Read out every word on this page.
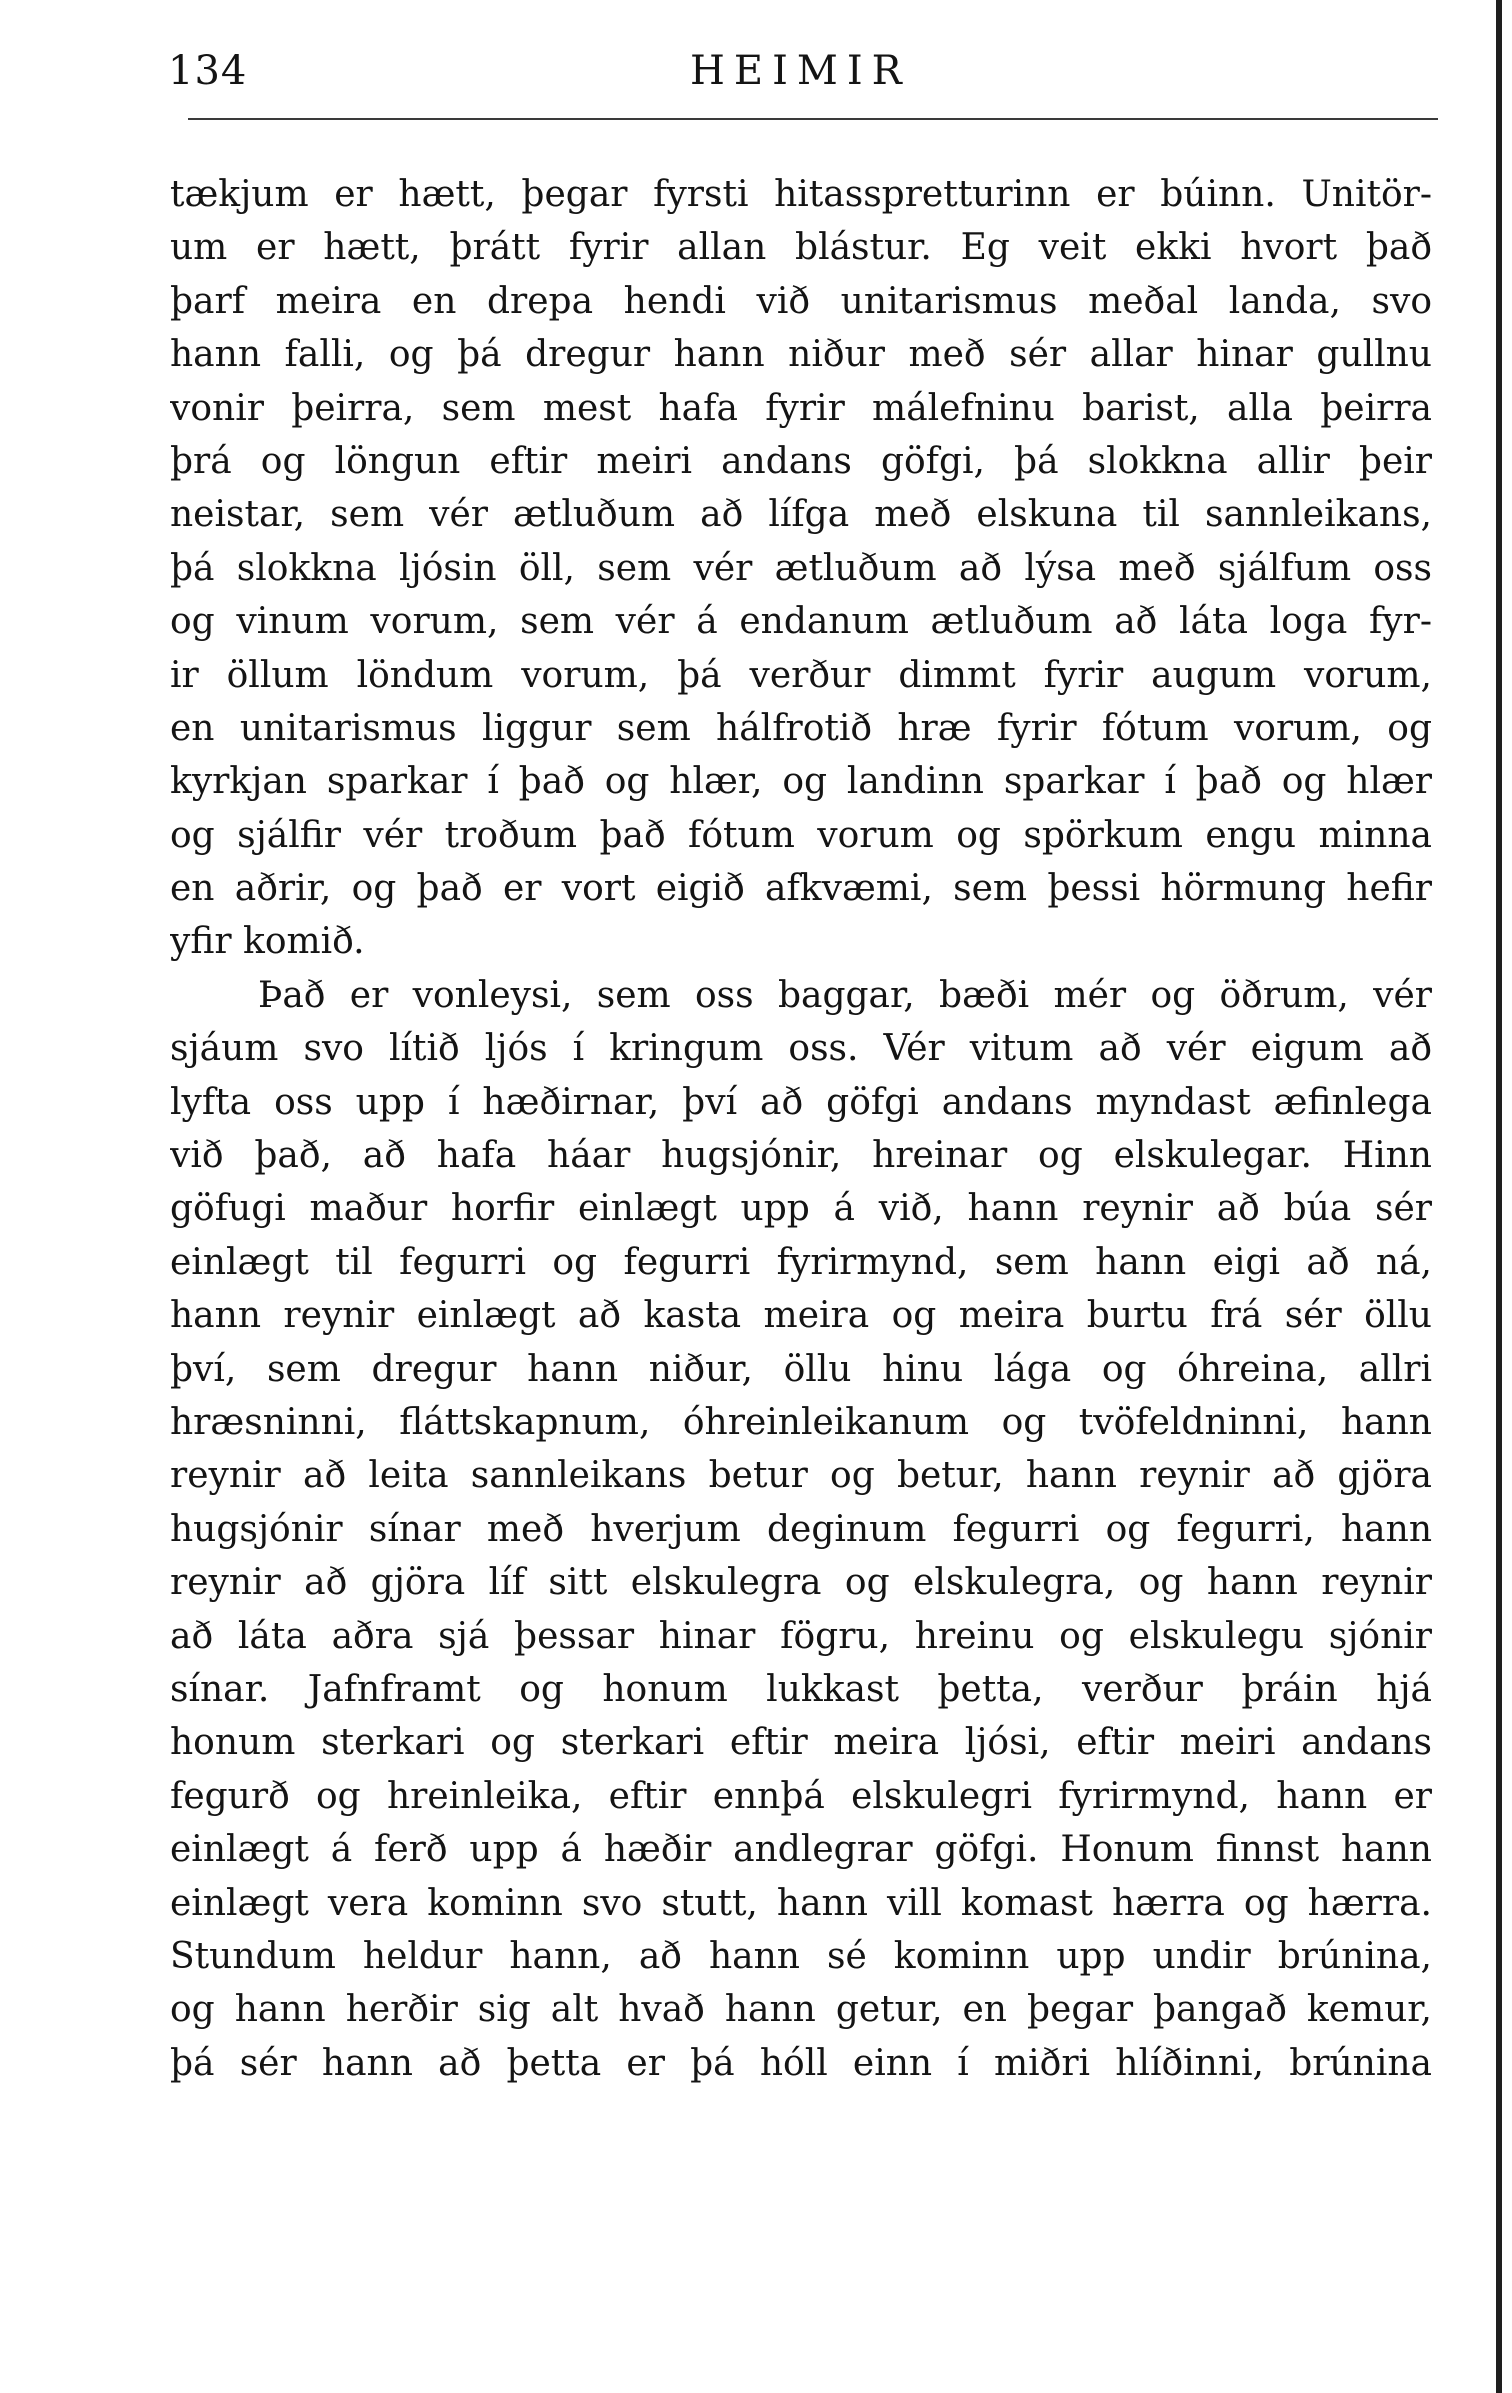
134	HEIMIR
tækjum er hætt, þegar fyrsti hitasspretturinn er búinn. Unitör-
um er hætt, þrátt fyrir allan blástur. Eg veit ekki hvort það
þarf meira en drepa hendi við unitarismus meðal landa, svo
hann falli, og þá dregur hann niður með sér allar hinar gullnu
vonir þeirra, sem mest hafa fyrir málefninu barist, alla þeirra
þrá og löngun eftir meiri andans göfgi, þá slokkna allir þeir
neistar, sem vér ætluðum að lífga með elskuna til sannleikans,
þá slokkna ljósin öll, sem vér ætluðum að lýsa með sjálfum oss
og vinum vorum, sem vér á endanum ætluðum að láta loga fyr-
ir öllum löndum vorum, þá verður dimmt fyrir augum vorum,
en unitarismus liggur sem hálfrotið hræ fyrir fótum vorum, og
kyrkjan sparkar í það og hlær, og landinn sparkar í það og hlær
og sjálfir vér troðum það fótum vorum og spörkum engu minna
en aðrir, og það er vort eigið afkvæmi, sem þessi hörmung hefir
yfir komið.
Það er vonleysi, sem oss baggar, bæði mér og öðrum, vér
sjáum svo lítið ljós í kringum oss. Vér vitum að vér eigum að
lyfta oss upp í hæðirnar, því að göfgi andans myndast æfinlega
við það, að hafa háar hugsjónir, hreinar og elskulegar. Hinn
göfugi maður horfir einlægt upp á við, hann reynir að búa sér
einlægt til fegurri og fegurri fyrirmynd, sem hann eigi að ná,
hann reynir einlægt að kasta meira og meira burtu frá sér öllu
því, sem dregur hann niður, öllu hinu lága og óhreina, allri
hræsninni, fláttskapnum, óhreinleikanum og tvöfeldninni, hann
reynir að leita sannleikans betur og betur, hann reynir að gjöra
hugsjónir sínar með hverjum deginum fegurri og fegurri, hann
reynir að gjöra líf sitt elskulegra og elskulegra, og hann reynir
að láta aðra sjá þessar hinar fögru, hreinu og elskulegu sjónir
sínar. Jafnframt og honum lukkast þetta, verður þráin hjá
honum sterkari og sterkari eftir meira ljósi, eftir meiri andans
fegurð og hreinleika, eftir ennþá elskulegri fyrirmynd, hann er
einlægt á ferð upp á hæðir andlegrar göfgi. Honum finnst hann
einlægt vera kominn svo stutt, hann vill komast hærra og hærra.
Stundum heldur hann, að hann sé kominn upp undir brúnina,
og hann herðir sig alt hvað hann getur, en þegar þangað kemur,
þá sér hann að þetta er þá hóll einn í miðri hlíðinni, brúnina
